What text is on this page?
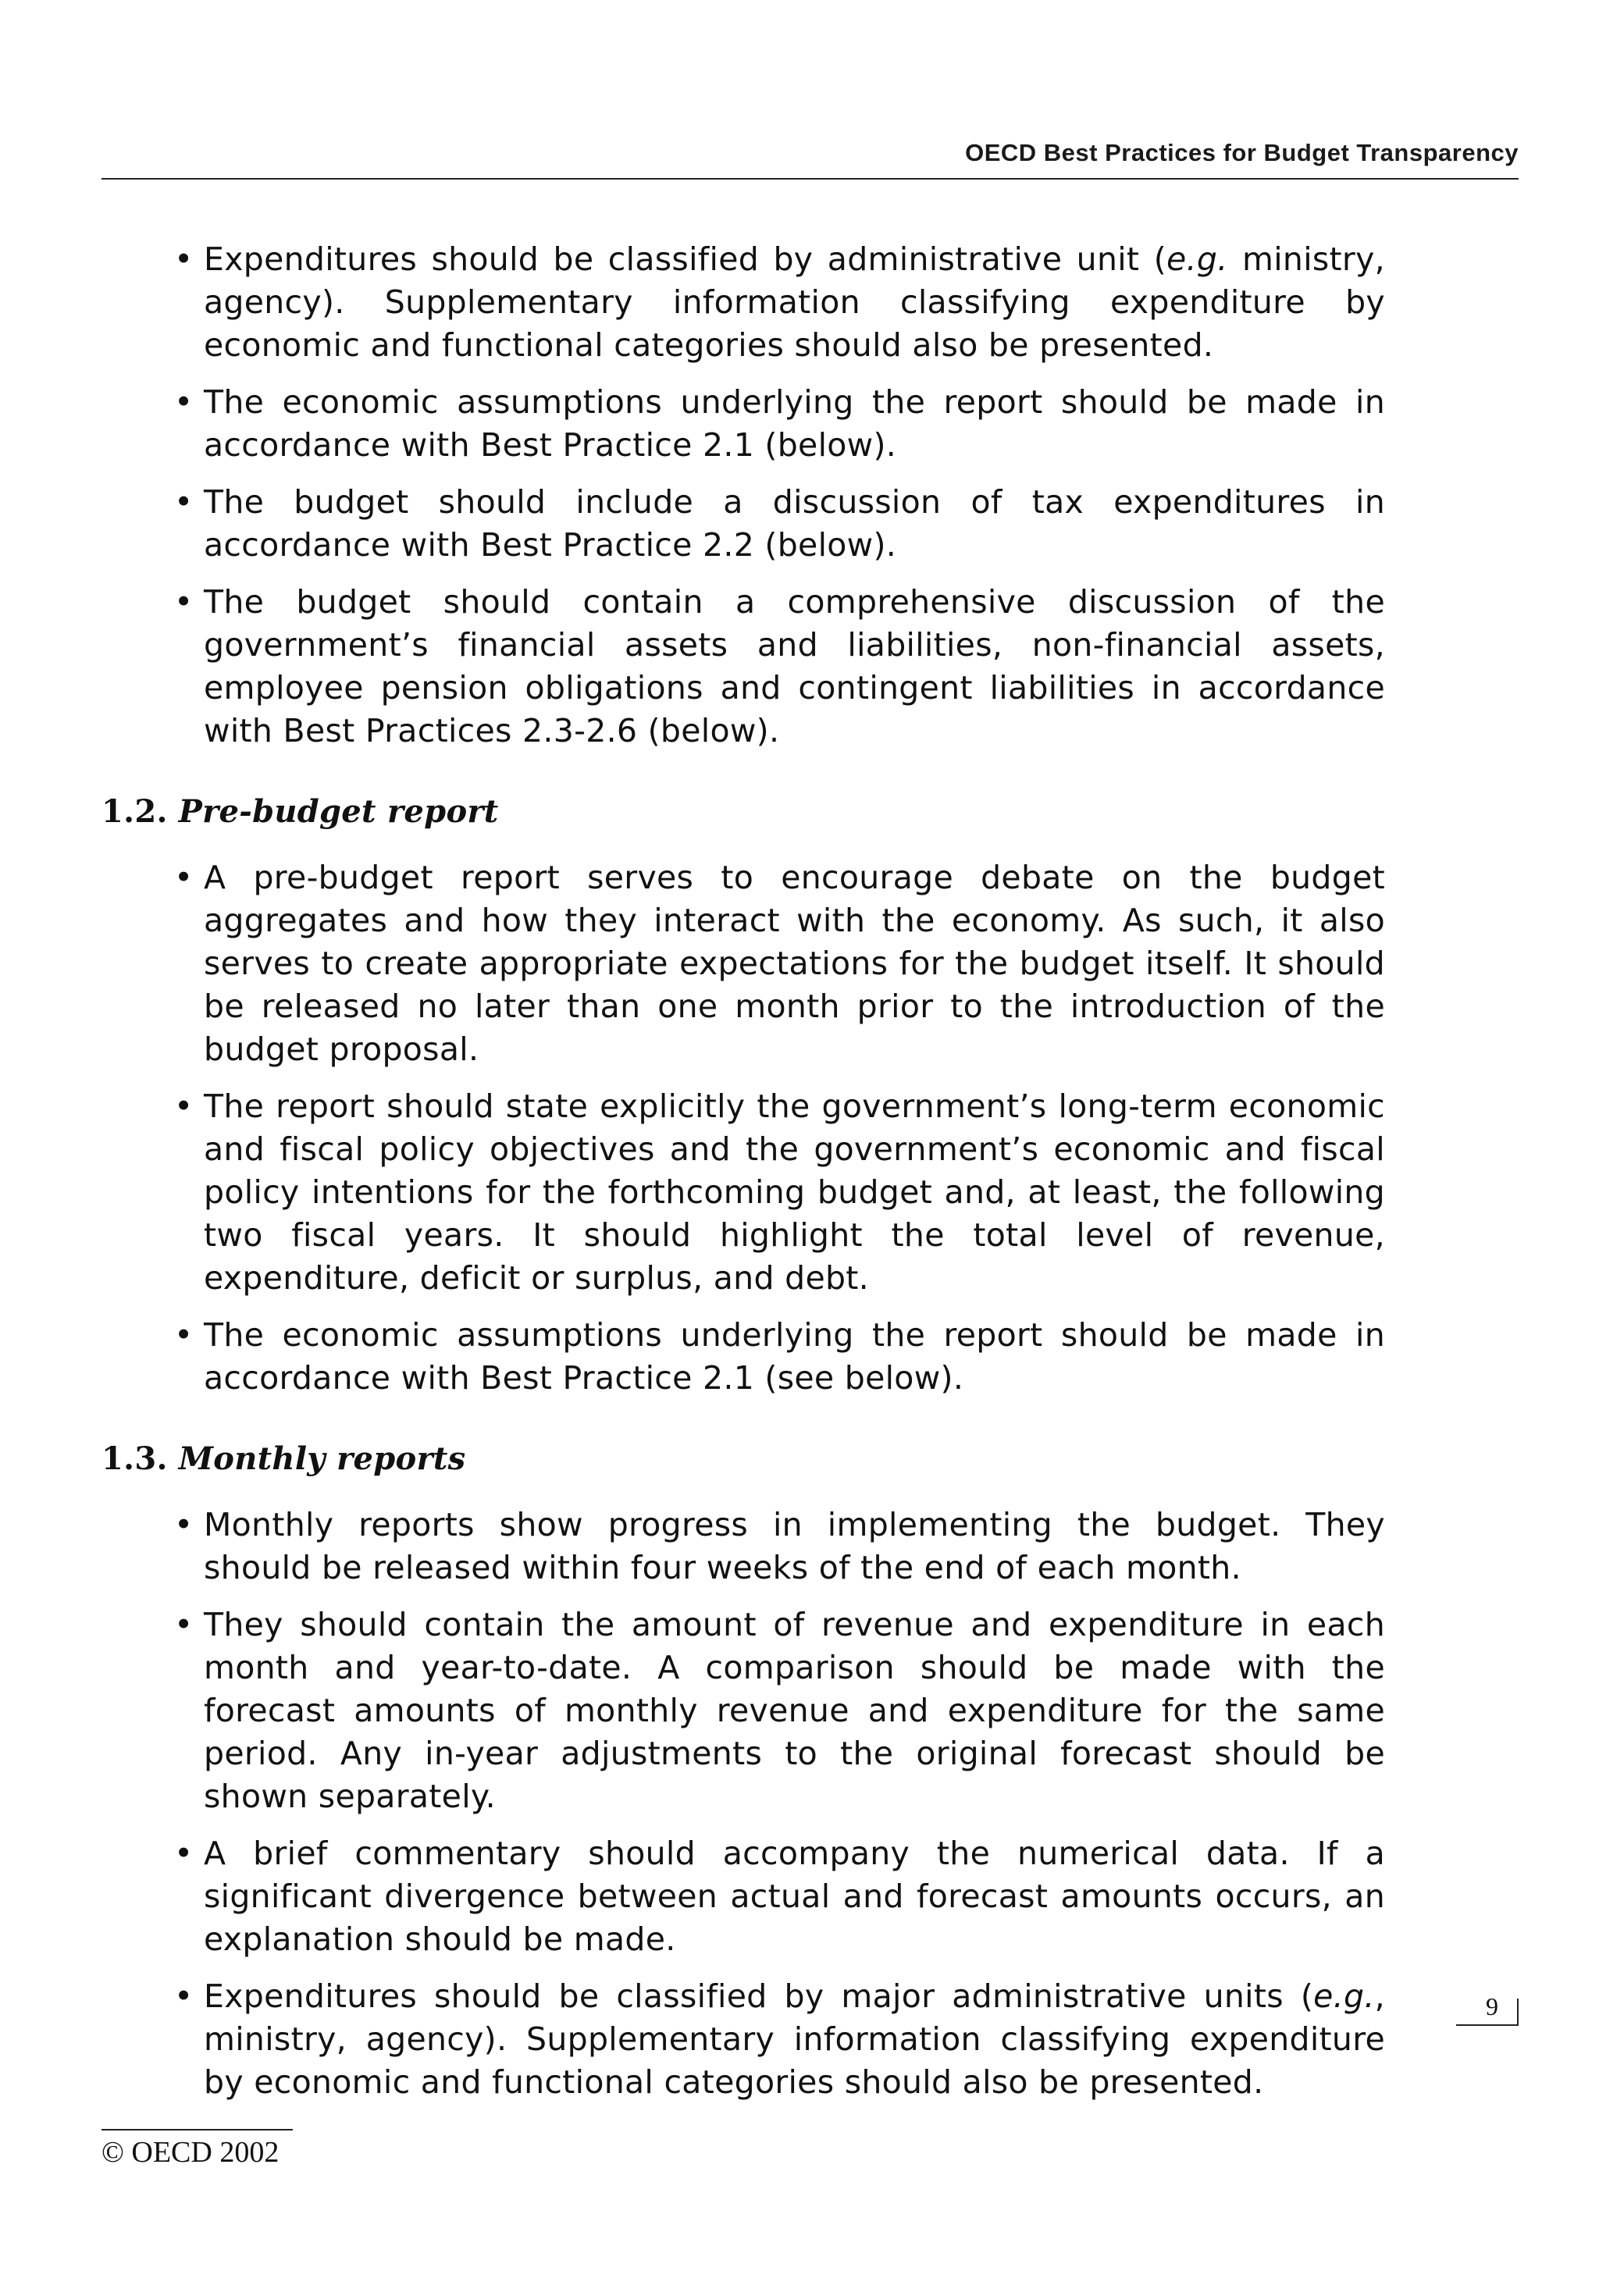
OECD Best Practices for Budget Transparency
• Expenditures should be classified by administrative unit (e.g. ministry, agency). Supplementary information classifying expenditure by economic and functional categories should also be presented.
• The economic assumptions underlying the report should be made in accordance with Best Practice 2.1 (below).
• The budget should include a discussion of tax expenditures in accordance with Best Practice 2.2 (below).
• The budget should contain a comprehensive discussion of the government’s financial assets and liabilities, non-financial assets, employee pension obligations and contingent liabilities in accordance with Best Practices 2.3-2.6 (below).
1.2. Pre-budget report
• A pre-budget report serves to encourage debate on the budget aggregates and how they interact with the economy. As such, it also serves to create appropriate expectations for the budget itself. It should be released no later than one month prior to the introduction of the budget proposal.
• The report should state explicitly the government’s long-term economic and fiscal policy objectives and the government’s economic and fiscal policy intentions for the forthcoming budget and, at least, the following two fiscal years. It should highlight the total level of revenue, expenditure, deficit or surplus, and debt.
• The economic assumptions underlying the report should be made in accordance with Best Practice 2.1 (see below).
1.3. Monthly reports
• Monthly reports show progress in implementing the budget. They should be released within four weeks of the end of each month.
• They should contain the amount of revenue and expenditure in each month and year-to-date. A comparison should be made with the forecast amounts of monthly revenue and expenditure for the same period. Any in-year adjustments to the original forecast should be shown separately.
• A brief commentary should accompany the numerical data. If a significant divergence between actual and forecast amounts occurs, an explanation should be made.
• Expenditures should be classified by major administrative units (e.g., ministry, agency). Supplementary information classifying expenditure by economic and functional categories should also be presented.
9
© OECD 2002
